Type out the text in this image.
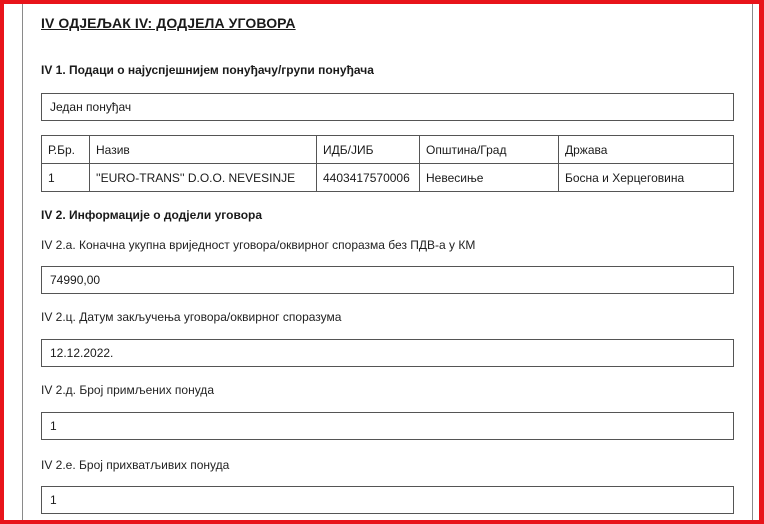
IV ОДЈЕЉАК IV: ДОДЈЕЛА УГОВОРА
IV 1. Подаци о најуспјешнијем понуђачу/групи понуђача
Један понуђач
Р.Бр.	Назив	ИДБ/ЈИБ	Општина/Град	Држава
1	''EURO-TRANS'' D.O.O. NEVESINJE	4403417570006	Невесиње	Босна и Херцеговина
IV 2. Информације о додјели уговора
IV 2.а. Коначна укупна вриједност уговора/оквирног споразма без ПДВ-а у КМ
74990,00
IV 2.ц. Датум закључења уговора/оквирног споразума
12.12.2022.
IV 2.д. Број примљених понуда
1
IV 2.е. Број прихватљивих понуда
1
